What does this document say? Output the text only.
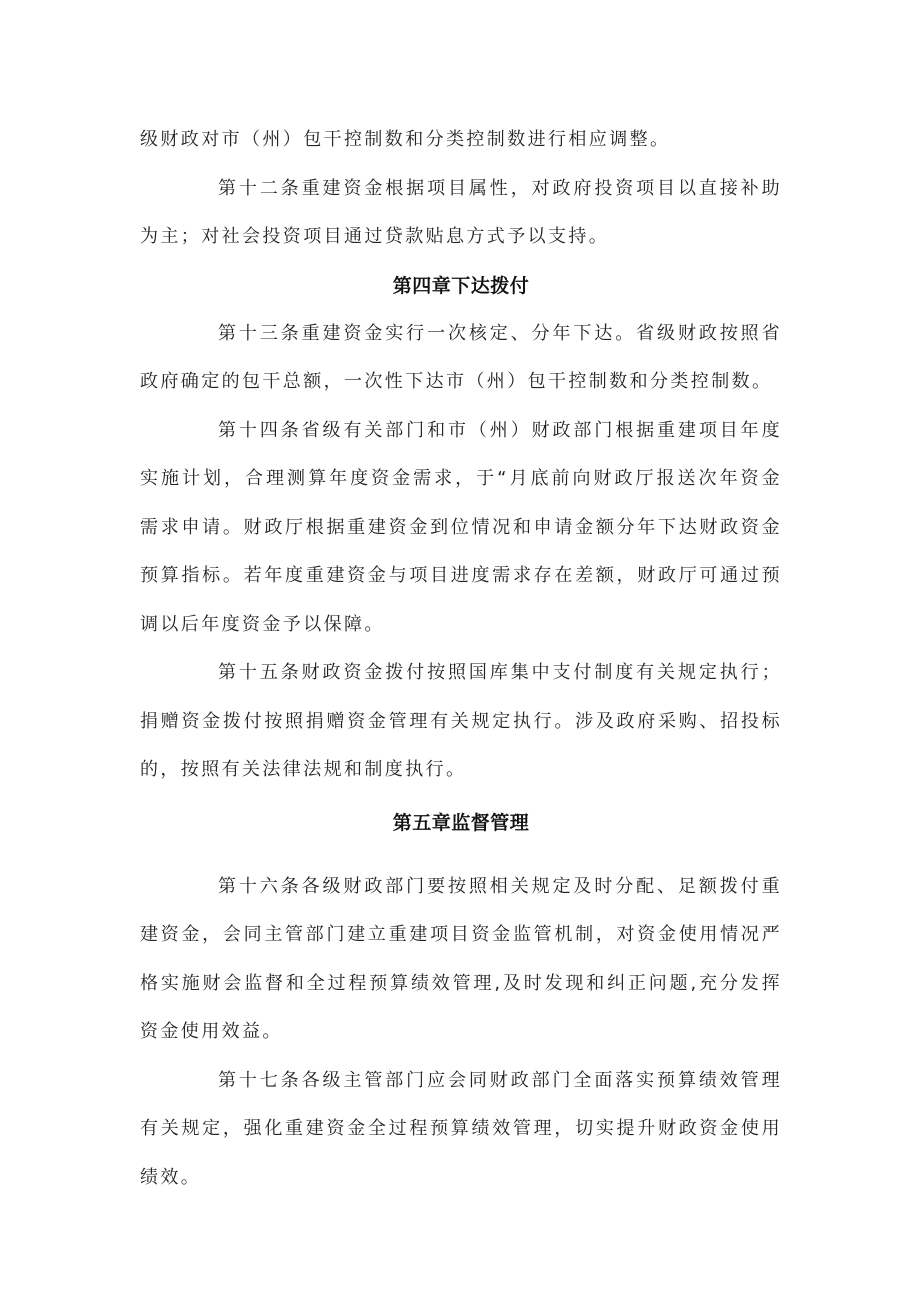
级财政对市（州）包干控制数和分类控制数进行相应调整。

第十二条重建资金根据项目属性，对政府投资项目以直接补助为主；对社会投资项目通过贷款贴息方式予以支持。

第四章下达拨付

第十三条重建资金实行一次核定、分年下达。省级财政按照省政府确定的包干总额，一次性下达市（州）包干控制数和分类控制数。

第十四条省级有关部门和市（州）财政部门根据重建项目年度实施计划，合理测算年度资金需求，于“月底前向财政厅报送次年资金需求申请。财政厅根据重建资金到位情况和申请金额分年下达财政资金预算指标。若年度重建资金与项目进度需求存在差额，财政厅可通过预调以后年度资金予以保障。

第十五条财政资金拨付按照国库集中支付制度有关规定执行；捐赠资金拨付按照捐赠资金管理有关规定执行。涉及政府采购、招投标的，按照有关法律法规和制度执行。

第五章监督管理

第十六条各级财政部门要按照相关规定及时分配、足额拨付重建资金，会同主管部门建立重建项目资金监管机制，对资金使用情况严格实施财会监督和全过程预算绩效管理,及时发现和纠正问题,充分发挥资金使用效益。

第十七条各级主管部门应会同财政部门全面落实预算绩效管理有关规定，强化重建资金全过程预算绩效管理，切实提升财政资金使用绩效。
